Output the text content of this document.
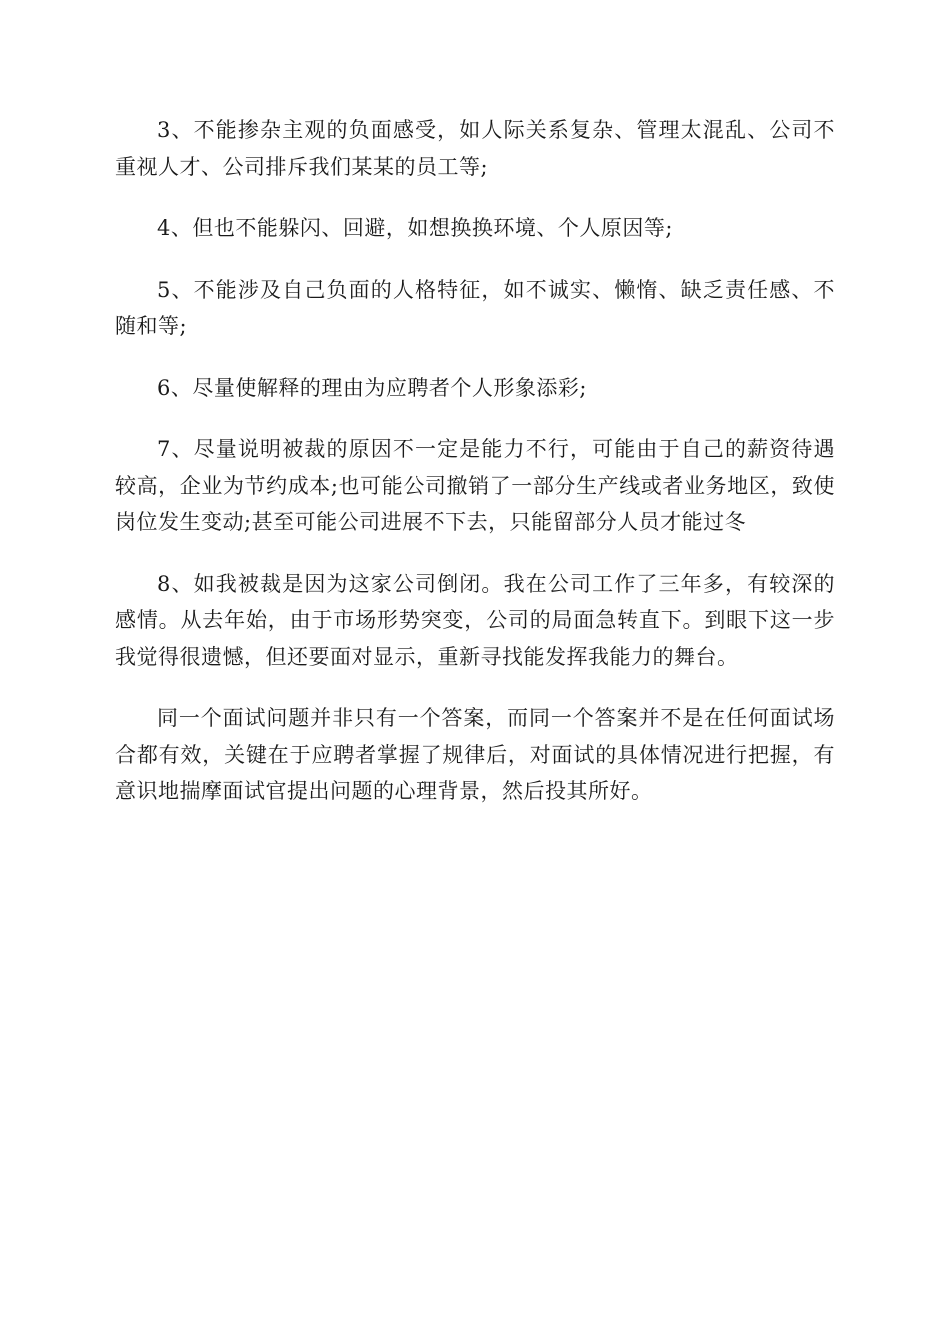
3、不能掺杂主观的负面感受，如人际关系复杂、管理太混乱、公司不重视人才、公司排斥我们某某的员工等;

4、但也不能躲闪、回避，如想换换环境、个人原因等;

5、不能涉及自己负面的人格特征，如不诚实、懒惰、缺乏责任感、不随和等;

6、尽量使解释的理由为应聘者个人形象添彩;

7、尽量说明被裁的原因不一定是能力不行，可能由于自己的薪资待遇较高，企业为节约成本;也可能公司撤销了一部分生产线或者业务地区，致使岗位发生变动;甚至可能公司进展不下去，只能留部分人员才能过冬

8、如我被裁是因为这家公司倒闭。我在公司工作了三年多，有较深的感情。从去年始，由于市场形势突变，公司的局面急转直下。到眼下这一步我觉得很遗憾，但还要面对显示，重新寻找能发挥我能力的舞台。

同一个面试问题并非只有一个答案，而同一个答案并不是在任何面试场合都有效，关键在于应聘者掌握了规律后，对面试的具体情况进行把握，有意识地揣摩面试官提出问题的心理背景，然后投其所好。
